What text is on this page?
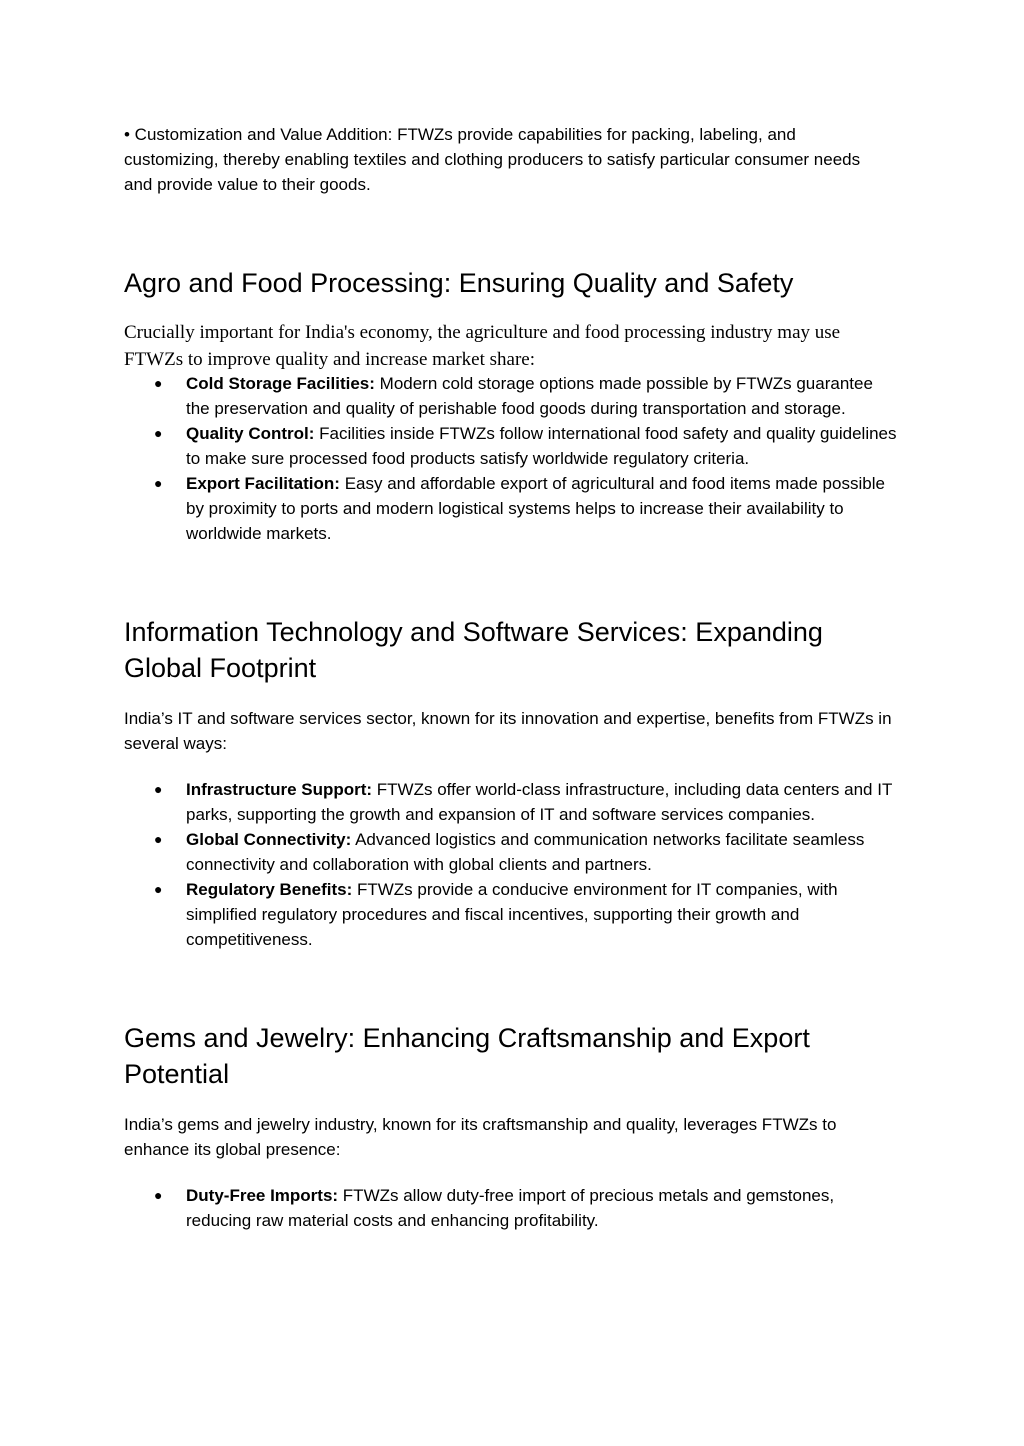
• Customization and Value Addition: FTWZs provide capabilities for packing, labeling, and customizing, thereby enabling textiles and clothing producers to satisfy particular consumer needs and provide value to their goods.

Agro and Food Processing: Ensuring Quality and Safety

Crucially important for India's economy, the agriculture and food processing industry may use FTWZs to improve quality and increase market share:

● Cold Storage Facilities: Modern cold storage options made possible by FTWZs guarantee the preservation and quality of perishable food goods during transportation and storage.
● Quality Control: Facilities inside FTWZs follow international food safety and quality guidelines to make sure processed food products satisfy worldwide regulatory criteria.
● Export Facilitation: Easy and affordable export of agricultural and food items made possible by proximity to ports and modern logistical systems helps to increase their availability to worldwide markets.
Information Technology and Software Services: Expanding Global Footprint

India’s IT and software services sector, known for its innovation and expertise, benefits from FTWZs in several ways:

● Infrastructure Support: FTWZs offer world-class infrastructure, including data centers and IT parks, supporting the growth and expansion of IT and software services companies.
● Global Connectivity: Advanced logistics and communication networks facilitate seamless connectivity and collaboration with global clients and partners.
● Regulatory Benefits: FTWZs provide a conducive environment for IT companies, with simplified regulatory procedures and fiscal incentives, supporting their growth and competitiveness.
Gems and Jewelry: Enhancing Craftsmanship and Export Potential

India’s gems and jewelry industry, known for its craftsmanship and quality, leverages FTWZs to enhance its global presence:

● Duty-Free Imports: FTWZs allow duty-free import of precious metals and gemstones, reducing raw material costs and enhancing profitability.
